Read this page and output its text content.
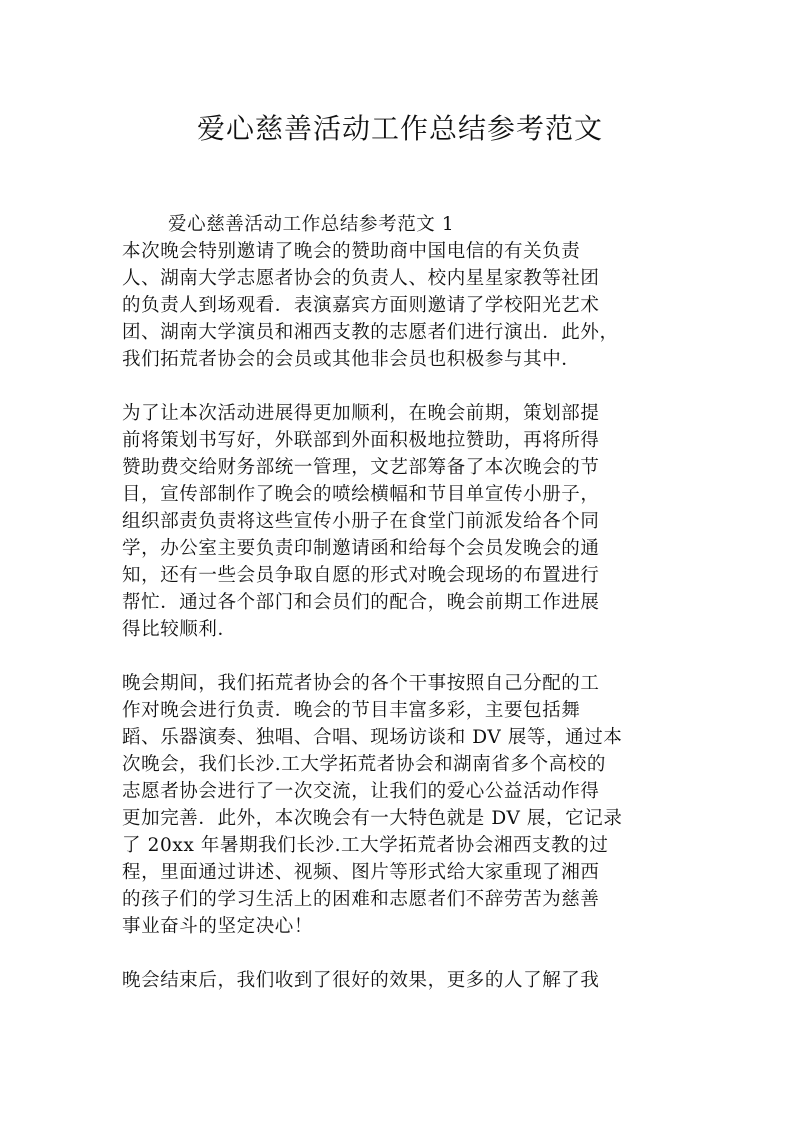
爱心慈善活动工作总结参考范文

爱心慈善活动工作总结参考范文 1

本次晚会特别邀请了晚会的赞助商中国电信的有关负责
人、湖南大学志愿者协会的负责人、校内星星家教等社团
的负责人到场观看．表演嘉宾方面则邀请了学校阳光艺术
团、湖南大学演员和湘西支教的志愿者们进行演出．此外，
我们拓荒者协会的会员或其他非会员也积极参与其中．
为了让本次活动进展得更加顺利，在晚会前期，策划部提
前将策划书写好，外联部到外面积极地拉赞助，再将所得
赞助费交给财务部统一管理，文艺部筹备了本次晚会的节
目，宣传部制作了晚会的喷绘横幅和节目单宣传小册子，
组织部责负责将这些宣传小册子在食堂门前派发给各个同
学，办公室主要负责印制邀请函和给每个会员发晚会的通
知，还有一些会员争取自愿的形式对晚会现场的布置进行
帮忙．通过各个部门和会员们的配合，晚会前期工作进展
得比较顺利．
晚会期间，我们拓荒者协会的各个干事按照自己分配的工
作对晚会进行负责．晚会的节目丰富多彩，主要包括舞
蹈、乐器演奏、独唱、合唱、现场访谈和 DV 展等，通过本
次晚会，我们长沙.工大学拓荒者协会和湖南省多个高校的
志愿者协会进行了一次交流，让我们的爱心公益活动作得
更加完善．此外，本次晚会有一大特色就是 DV 展，它记录
了 20xx 年暑期我们长沙.工大学拓荒者协会湘西支教的过
程，里面通过讲述、视频、图片等形式给大家重现了湘西
的孩子们的学习生活上的困难和志愿者们不辞劳苦为慈善
事业奋斗的坚定决心！
晚会结束后，我们收到了很好的效果，更多的人了解了我
